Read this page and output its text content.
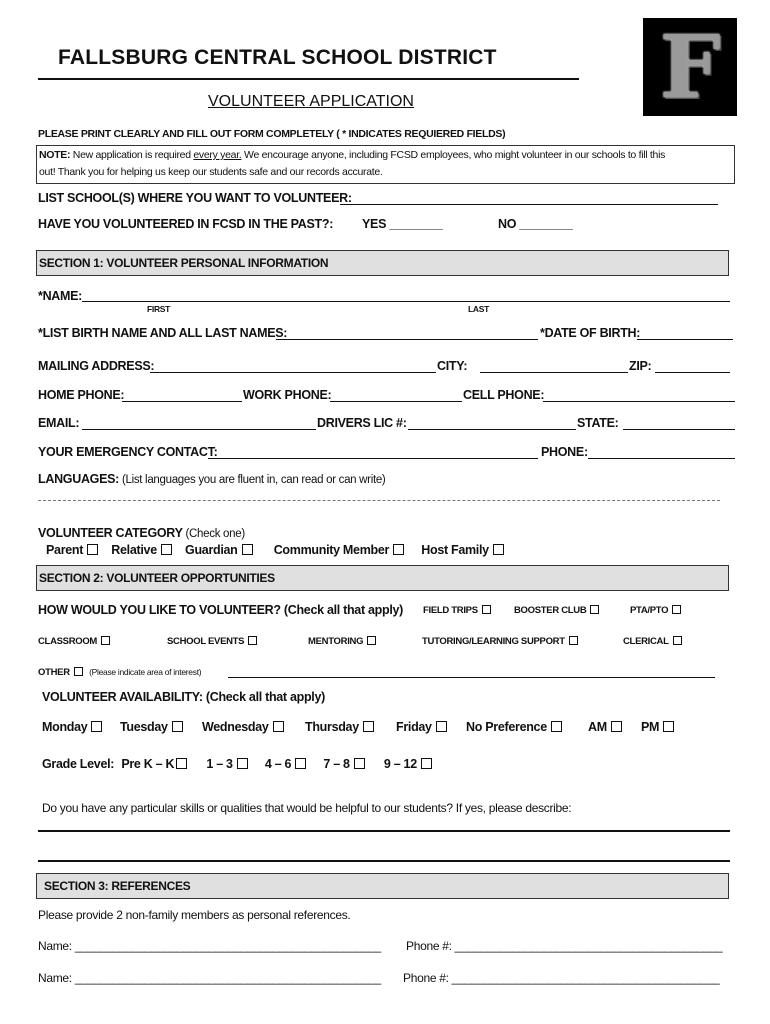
FALLSBURG CENTRAL SCHOOL DISTRICT
VOLUNTEER APPLICATION	F
PLEASE PRINT CLEARLY AND FILL OUT FORM COMPLETELY ( * INDICATES REQUIERED FIELDS)
NOTE: New application is required every year. We encourage anyone, including FCSD employees, who might volunteer in our schools to fill this
out! Thank you for helping us keep our students safe and our records accurate.
LIST SCHOOL(S) WHERE YOU WANT TO VOLUNTEER:
HAVE YOU VOLUNTEERED IN FCSD IN THE PAST?: YES ________	NO ________
SECTION 1: VOLUNTEER PERSONAL INFORMATION
*NAME:
FIRST	LAST
*LIST BIRTH NAME AND ALL LAST NAMES:	*DATE OF BIRTH:
MAILING ADDRESS:	CITY:	ZIP:
HOME PHONE:	WORK PHONE:	CELL PHONE:
EMAIL:	DRIVERS LIC #:	STATE:
YOUR EMERGENCY CONTACT:	PHONE:
LANGUAGES: (List languages you are fluent in, can read or can write)
VOLUNTEER CATEGORY (Check one)
Parent Relative Guardian	Community Member	Host Family
SECTION 2: VOLUNTEER OPPORTUNITIES
HOW WOULD YOU LIKE TO VOLUNTEER? (Check all that apply) FIELD TRIPS	BOOSTER CLUB	PTA/PTO
CLASSROOM	SCHOOL EVENTS	MENTORING	TUTORING/LEARNING SUPPORT	CLERICAL
OTHER (Please indicate area of interest)
VOLUNTEER AVAILABILITY: (Check all that apply)
Monday	Tuesday	Wednesday	Thursday	Friday	No Preference	AM	PM
Grade Level: Pre K – K	1 – 3	4 – 6	7 – 8	9 – 12
Do you have any particular skills or qualities that would be helpful to our students? If yes, please describe:
SECTION 3: REFERENCES
Please provide 2 non-family members as personal references.
Name: ________________________________________________ Phone #: __________________________________________
Name: ________________________________________________ Phone #: __________________________________________
